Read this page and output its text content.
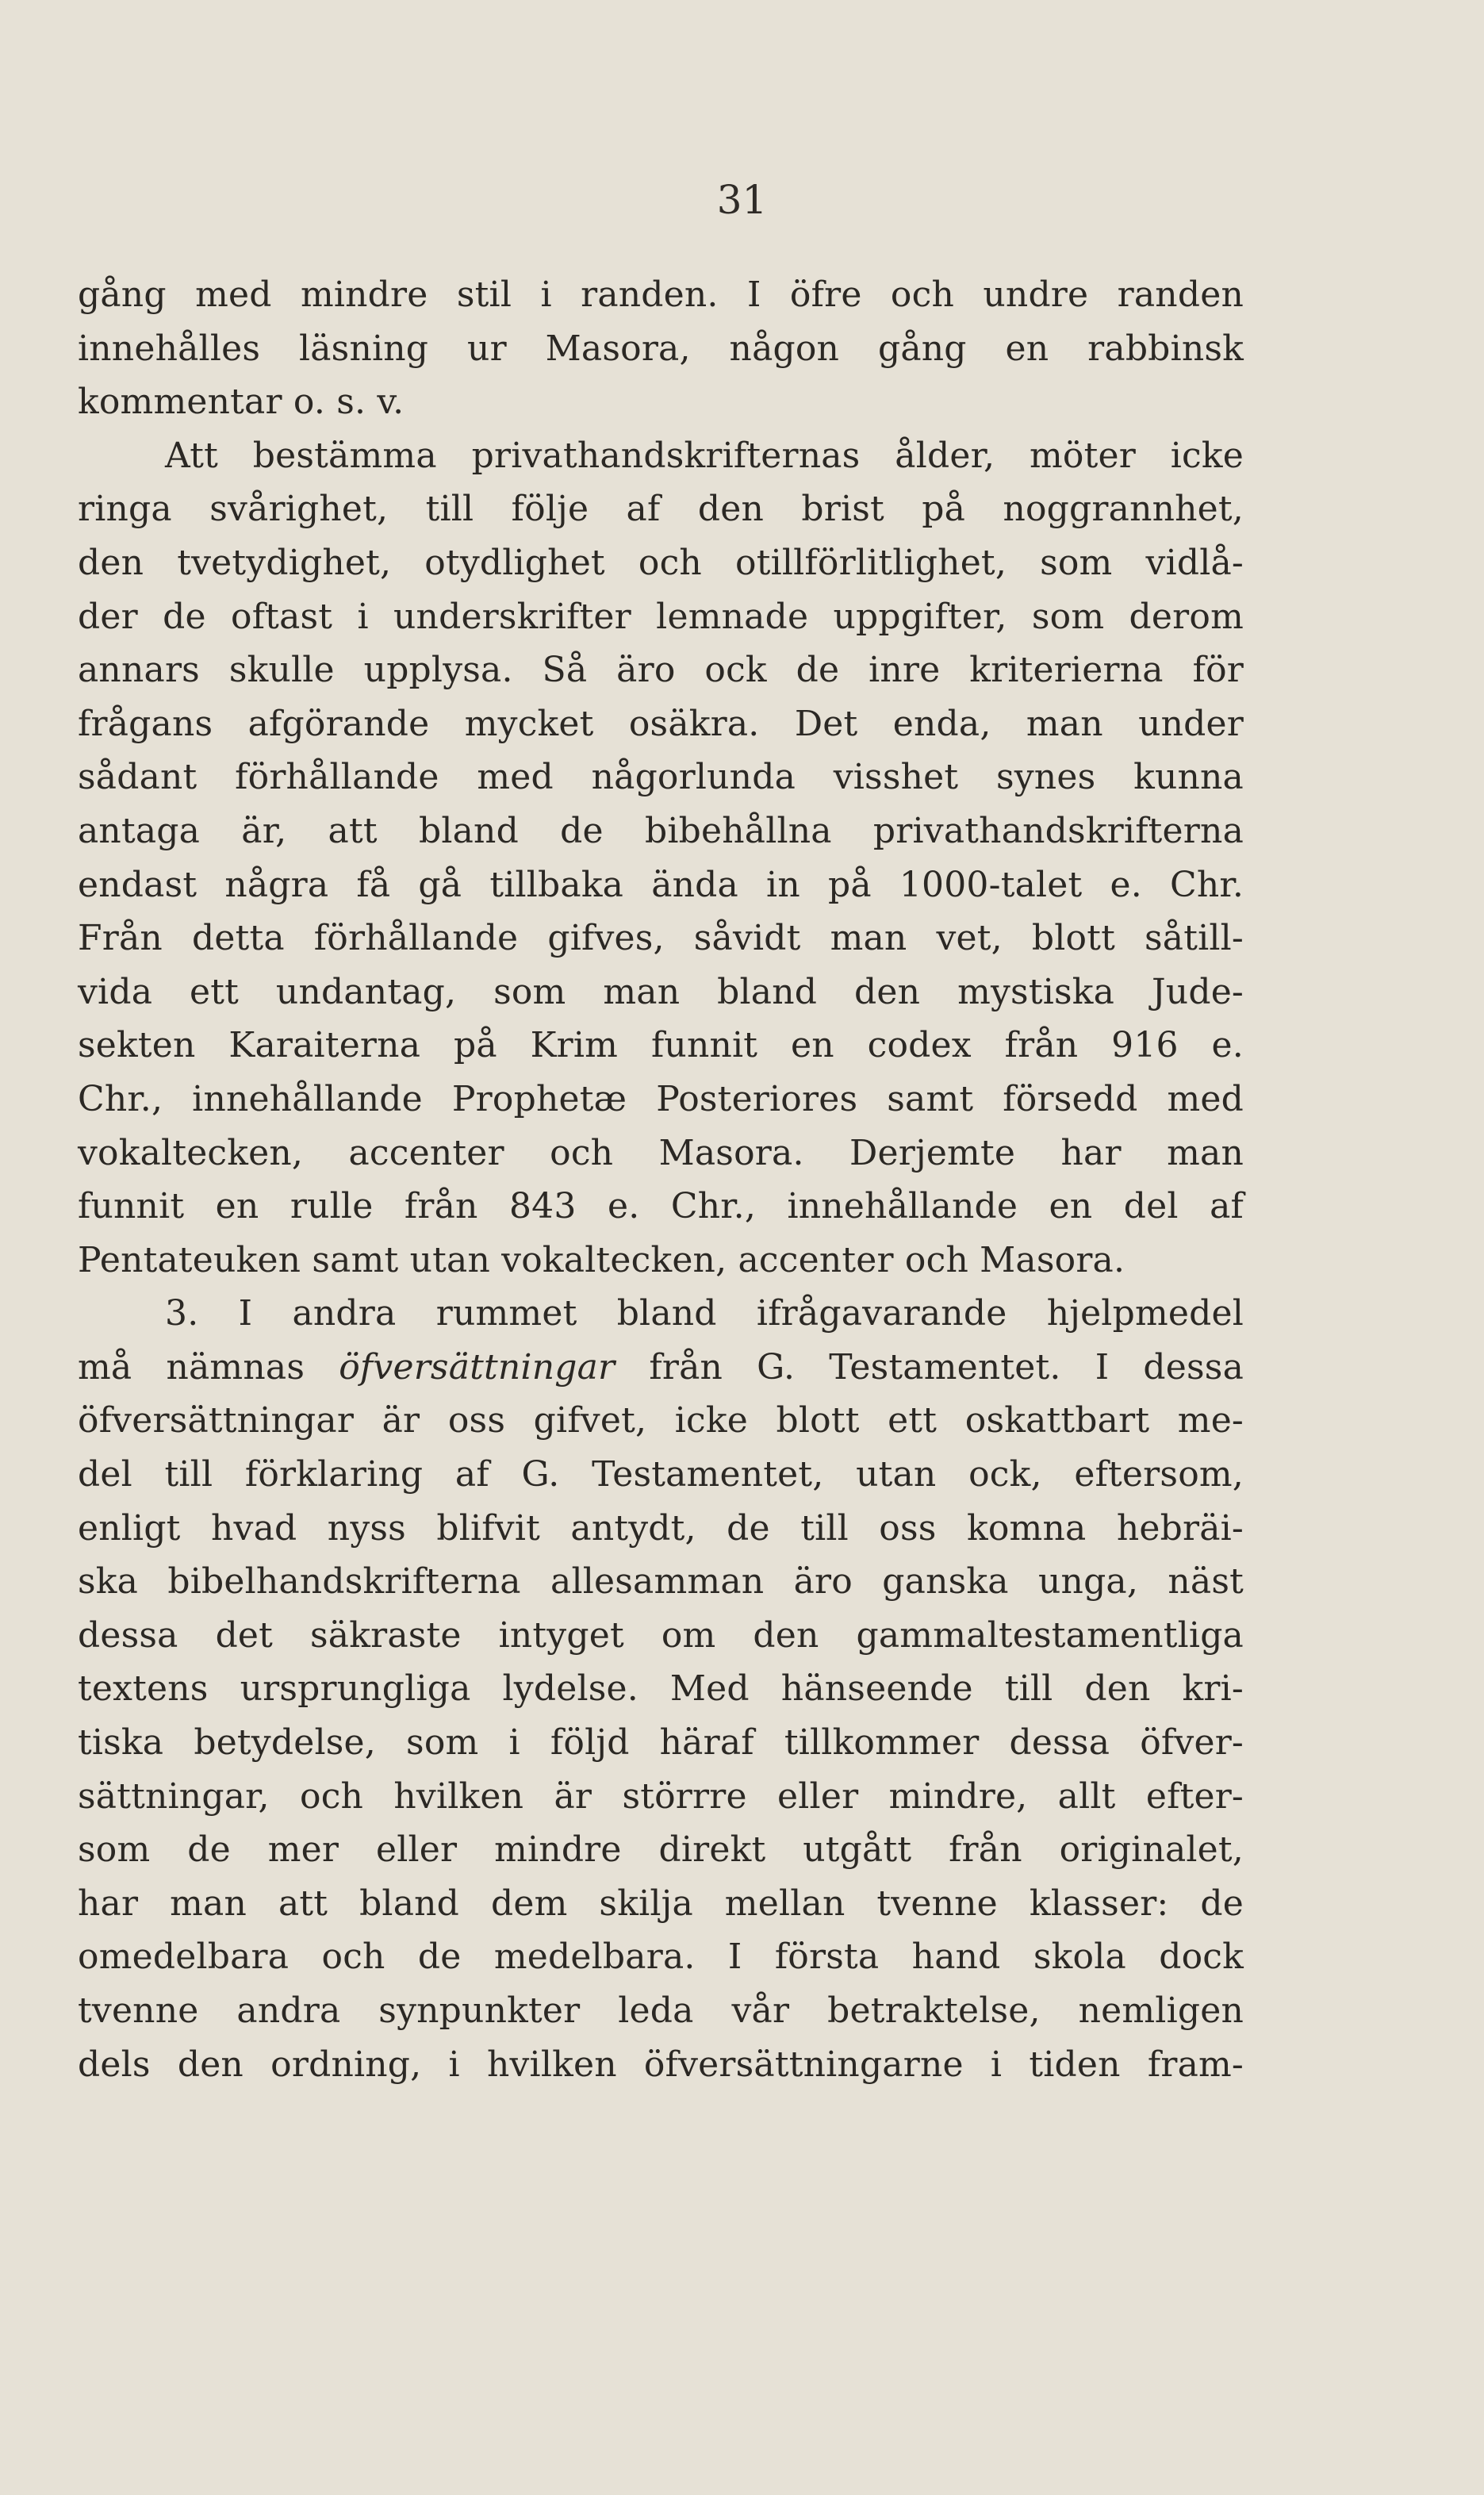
31
gång med mindre stil i randen. I öfre och undre randen
innehålles läsning ur Masora, någon gång en rabbinsk
kommentar o. s. v.
Att bestämma privathandskrifternas ålder, möter icke
ringa svårighet, till följe af den brist på noggrannhet,
den tvetydighet, otydlighet och otillförlitlighet, som vidlå-
der de oftast i underskrifter lemnade uppgifter, som derom
annars skulle upplysa. Så äro ock de inre kriterierna för
frågans afgörande mycket osäkra. Det enda, man under
sådant förhållande med någorlunda visshet synes kunna
antaga är, att bland de bibehållna privathandskrifterna
endast några få gå tillbaka ända in på 1000-talet e. Chr.
Från detta förhållande gifves, såvidt man vet, blott såtill-
vida ett undantag, som man bland den mystiska Jude-
sekten Karaiterna på Krim funnit en codex från 916 e.
Chr., innehållande Prophetæ Posteriores samt försedd med
vokaltecken, accenter och Masora. Derjemte har man
funnit en rulle från 843 e. Chr., innehållande en del af
Pentateuken samt utan vokaltecken, accenter och Masora.
3. I andra rummet bland ifrågavarande hjelpmedel
må nämnas öfversättningar från G. Testamentet. I dessa
öfversättningar är oss gifvet, icke blott ett oskattbart me-
del till förklaring af G. Testamentet, utan ock, eftersom,
enligt hvad nyss blifvit antydt, de till oss komna hebräi-
ska bibelhandskrifterna allesamman äro ganska unga, näst
dessa det säkraste intyget om den gammaltestamentliga
textens ursprungliga lydelse. Med hänseende till den kri-
tiska betydelse, som i följd häraf tillkommer dessa öfver-
sättningar, och hvilken är störrre eller mindre, allt efter-
som de mer eller mindre direkt utgått från originalet,
har man att bland dem skilja mellan tvenne klasser: de
omedelbara och de medelbara. I första hand skola dock
tvenne andra synpunkter leda vår betraktelse, nemligen
dels den ordning, i hvilken öfversättningarne i tiden fram-
